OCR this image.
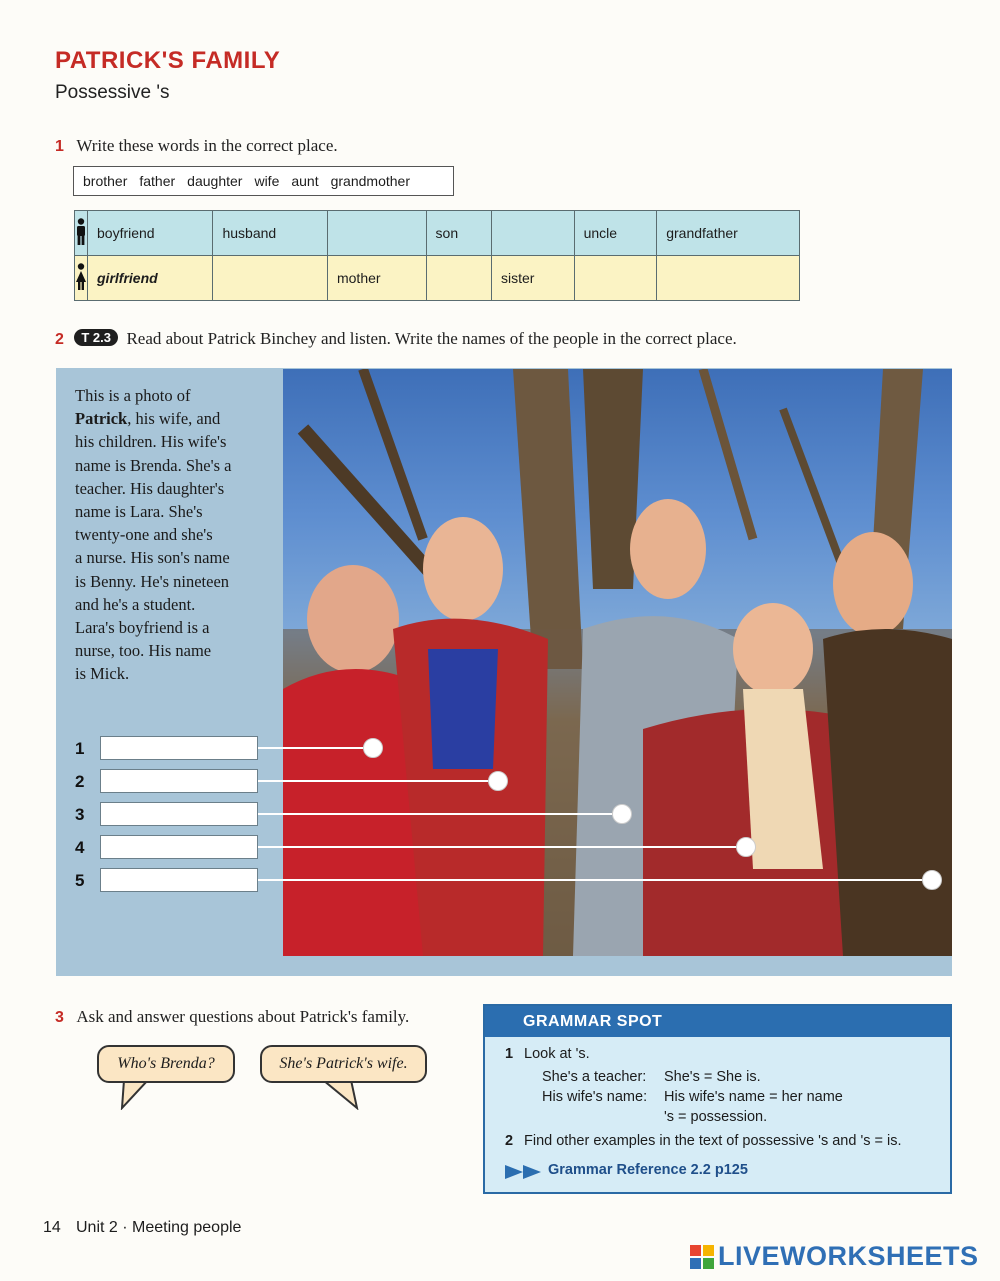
PATRICK'S FAMILY
Possessive 's
1 Write these words in the correct place.
brother father daughter wife aunt grandmother
	boyfriend	husband		son		uncle	grandfather
	girlfriend		mother		sister		
2 T 2.3 Read about Patrick Binchey and listen. Write the names of the people in the correct place.
This is a photo of
Patrick, his wife, and
his children. His wife's
name is Brenda. She's a
teacher. His daughter's
name is Lara. She's
twenty-one and she's
a nurse. His son's name
is Benny. He's nineteen
and he's a student.
Lara's boyfriend is a
nurse, too. His name
is Mick.
1
2
3
4
5
3 Ask and answer questions about Patrick's family.
Who's Brenda?	She's Patrick's wife.
GRAMMAR SPOT
1 Look at 's.
She's a teacher: She's = She is.
His wife's name: His wife's name = her name
's = possession.
2 Find other examples in the text of possessive 's and 's = is.
Grammar Reference 2.2 p125
14 Unit 2 · Meeting people
LIVEWORKSHEETS
